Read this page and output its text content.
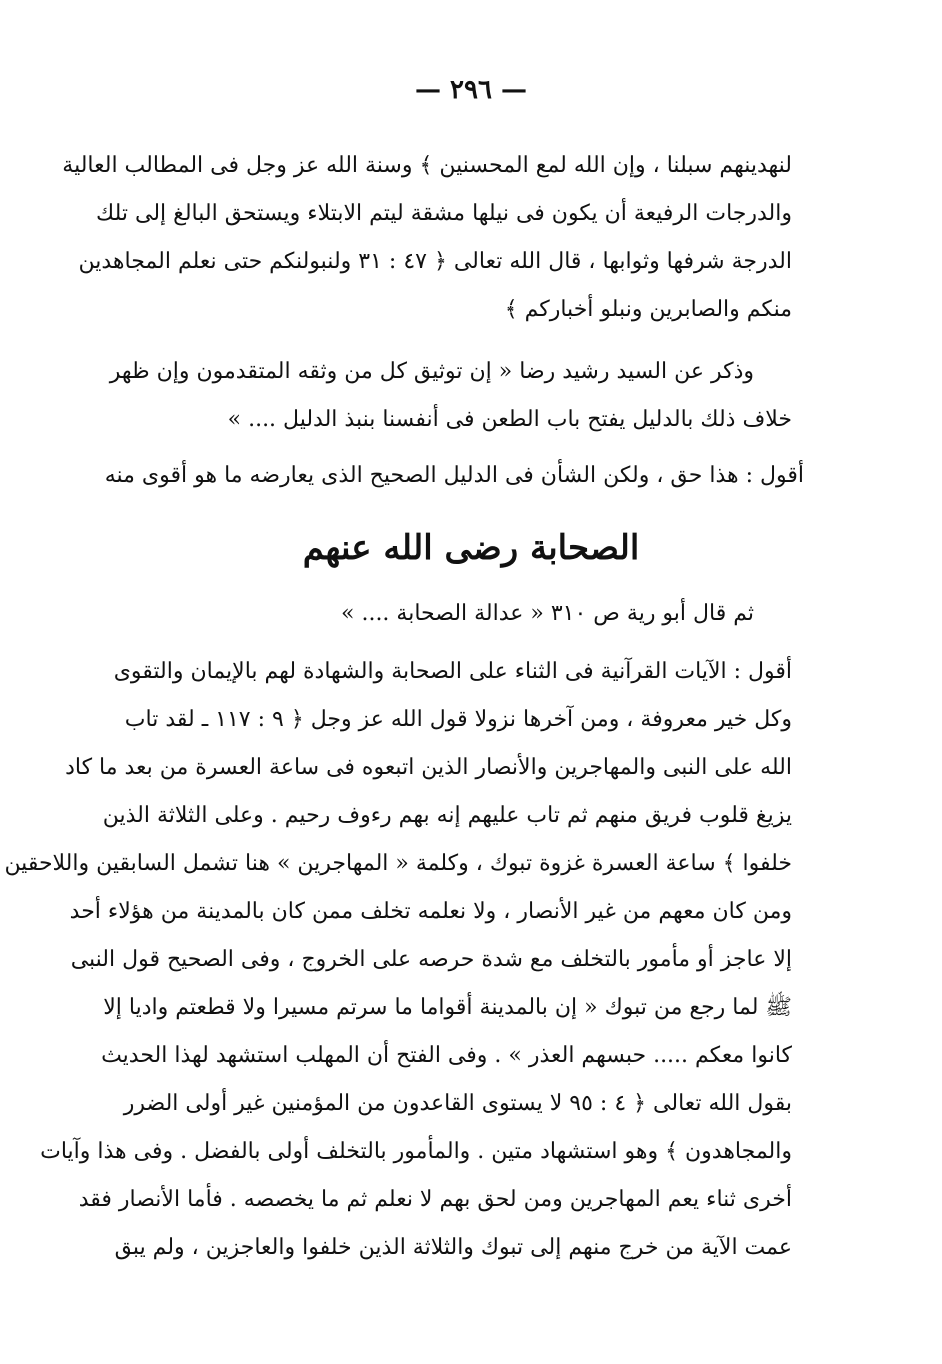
— ٢٩٦ —
لنهدينهم سبلنا ، وإن الله لمع المحسنين ﴾ وسنة الله عز وجل فى المطالب العالية
والدرجات الرفيعة أن يكون فى نيلها مشقة ليتم الابتلاء ويستحق البالغ إلى تلك
الدرجة شرفها وثوابها ، قال الله تعالى ﴿ ٤٧ : ٣١ ولنبولنكم حتى نعلم المجاهدين
منكم والصابرين ونبلو أخباركم ﴾
وذكر عن السيد رشيد رضا « إن توثيق كل من وثقه المتقدمون وإن ظهر
خلاف ذلك بالدليل يفتح باب الطعن فى أنفسنا بنبذ الدليل .... »
أقول : هذا حق ، ولكن الشأن فى الدليل الصحيح الذى يعارضه ما هو أقوى منه
الصحابة رضى الله عنهم
ثم قال أبو رية ص ٣١٠ « عدالة الصحابة .... »
أقول : الآيات القرآنية فى الثناء على الصحابة والشهادة لهم بالإيمان والتقوى
وكل خير معروفة ، ومن آخرها نزولا قول الله عز وجل ﴿ ٩ : ١١٧ ـ لقد تاب
الله على النبى والمهاجرين والأنصار الذين اتبعوه فى ساعة العسرة من بعد ما كاد
يزيغ قلوب فريق منهم ثم تاب عليهم إنه بهم رءوف رحيم . وعلى الثلاثة الذين
خلفوا ﴾ ساعة العسرة غزوة تبوك ، وكلمة « المهاجرين » هنا تشمل السابقين واللاحقين
ومن كان معهم من غير الأنصار ، ولا نعلمه تخلف ممن كان بالمدينة من هؤلاء أحد
إلا عاجز أو مأمور بالتخلف مع شدة حرصه على الخروج ، وفى الصحيح قول النبى
ﷺ لما رجع من تبوك « إن بالمدينة أقواما ما سرتم مسيرا ولا قطعتم واديا إلا
كانوا معكم ..... حبسهم العذر » . وفى الفتح أن المهلب استشهد لهذا الحديث
بقول الله تعالى ﴿ ٤ : ٩٥ لا يستوى القاعدون من المؤمنين غير أولى الضرر
والمجاهدون ﴾ وهو استشهاد متين . والمأمور بالتخلف أولى بالفضل . وفى هذا وآيات
أخرى ثناء يعم المهاجرين ومن لحق بهم لا نعلم ثم ما يخصصه . فأما الأنصار فقد
عمت الآية من خرج منهم إلى تبوك والثلاثة الذين خلفوا والعاجزين ، ولم يبق
